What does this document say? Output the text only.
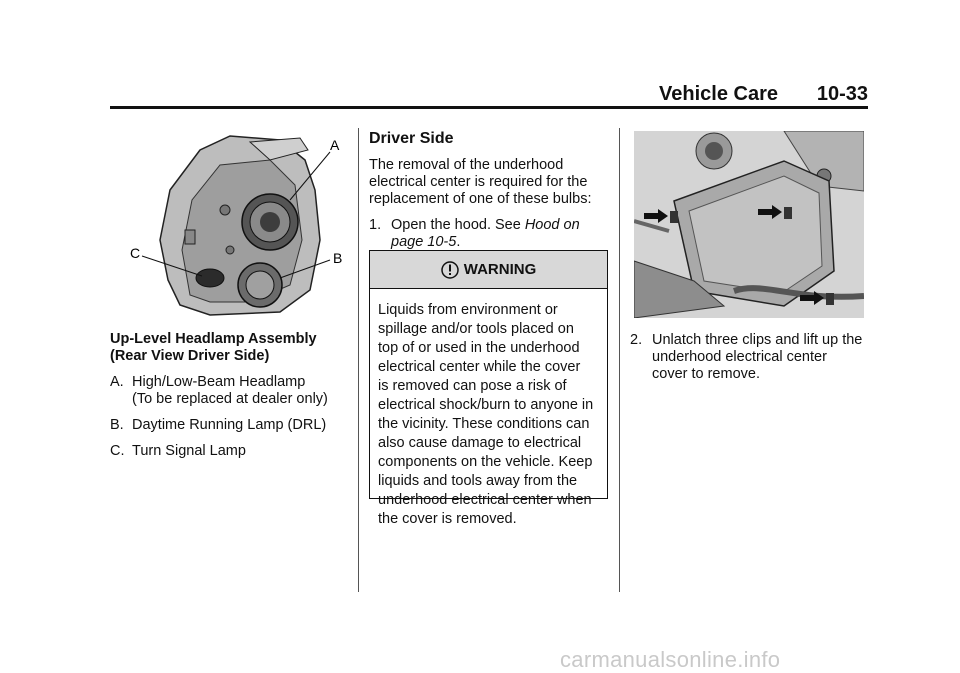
Vehicle Care 10-33
A
B
C
Up-Level Headlamp Assembly
(Rear View Driver Side)
A. High/Low-Beam Headlamp
(To be replaced at dealer only)
B. Daytime Running Lamp (DRL)
C. Turn Signal Lamp
Driver Side

The removal of the underhood
electrical center is required for the
replacement of one of these bulbs:

1. Open the hood. See Hood on
page 10-5.
WARNING
Liquids from environment or
spillage and/or tools placed on
top of or used in the underhood
electrical center while the cover
is removed can pose a risk of
electrical shock/burn to anyone in
the vicinity. These conditions can
also cause damage to electrical
components on the vehicle. Keep
liquids and tools away from the
underhood electrical center when
the cover is removed.
2. Unlatch three clips and lift up the
underhood electrical center
cover to remove.
carmanualsonline.info
